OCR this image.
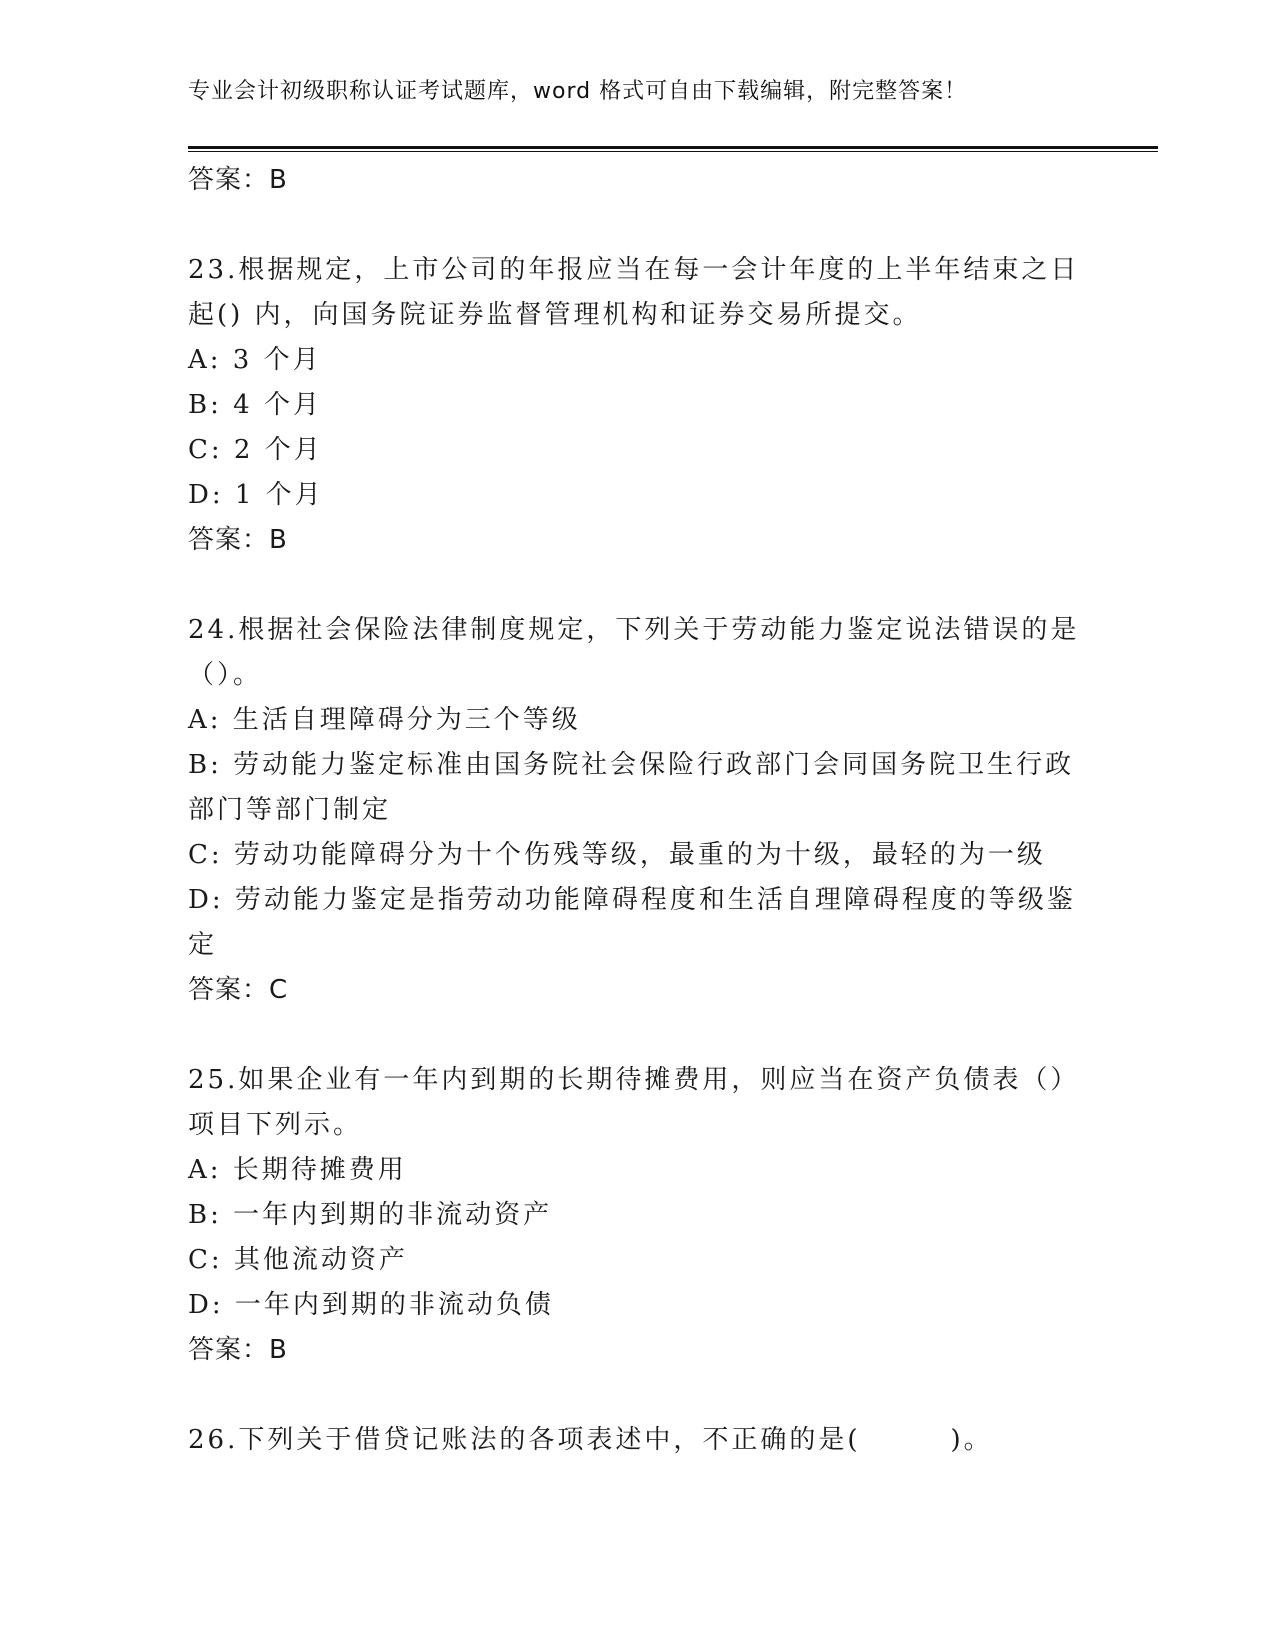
专业会计初级职称认证考试题库，word 格式可自由下载编辑，附完整答案！
答案：B
23.根据规定，上市公司的年报应当在每一会计年度的上半年结束之日
起() 内，向国务院证券监督管理机构和证券交易所提交。
A: 3 个月
B: 4 个月
C: 2 个月
D: 1 个月
答案：B
24.根据社会保险法律制度规定，下列关于劳动能力鉴定说法错误的是
（）。
A: 生活自理障碍分为三个等级
B: 劳动能力鉴定标准由国务院社会保险行政部门会同国务院卫生行政
部门等部门制定
C: 劳动功能障碍分为十个伤残等级，最重的为十级，最轻的为一级
D: 劳动能力鉴定是指劳动功能障碍程度和生活自理障碍程度的等级鉴
定
答案：C
25.如果企业有一年内到期的长期待摊费用，则应当在资产负债表（）
项目下列示。
A: 长期待摊费用
B: 一年内到期的非流动资产
C: 其他流动资产
D: 一年内到期的非流动负债
答案：B
26.下列关于借贷记账法的各项表述中，不正确的是(	)。
